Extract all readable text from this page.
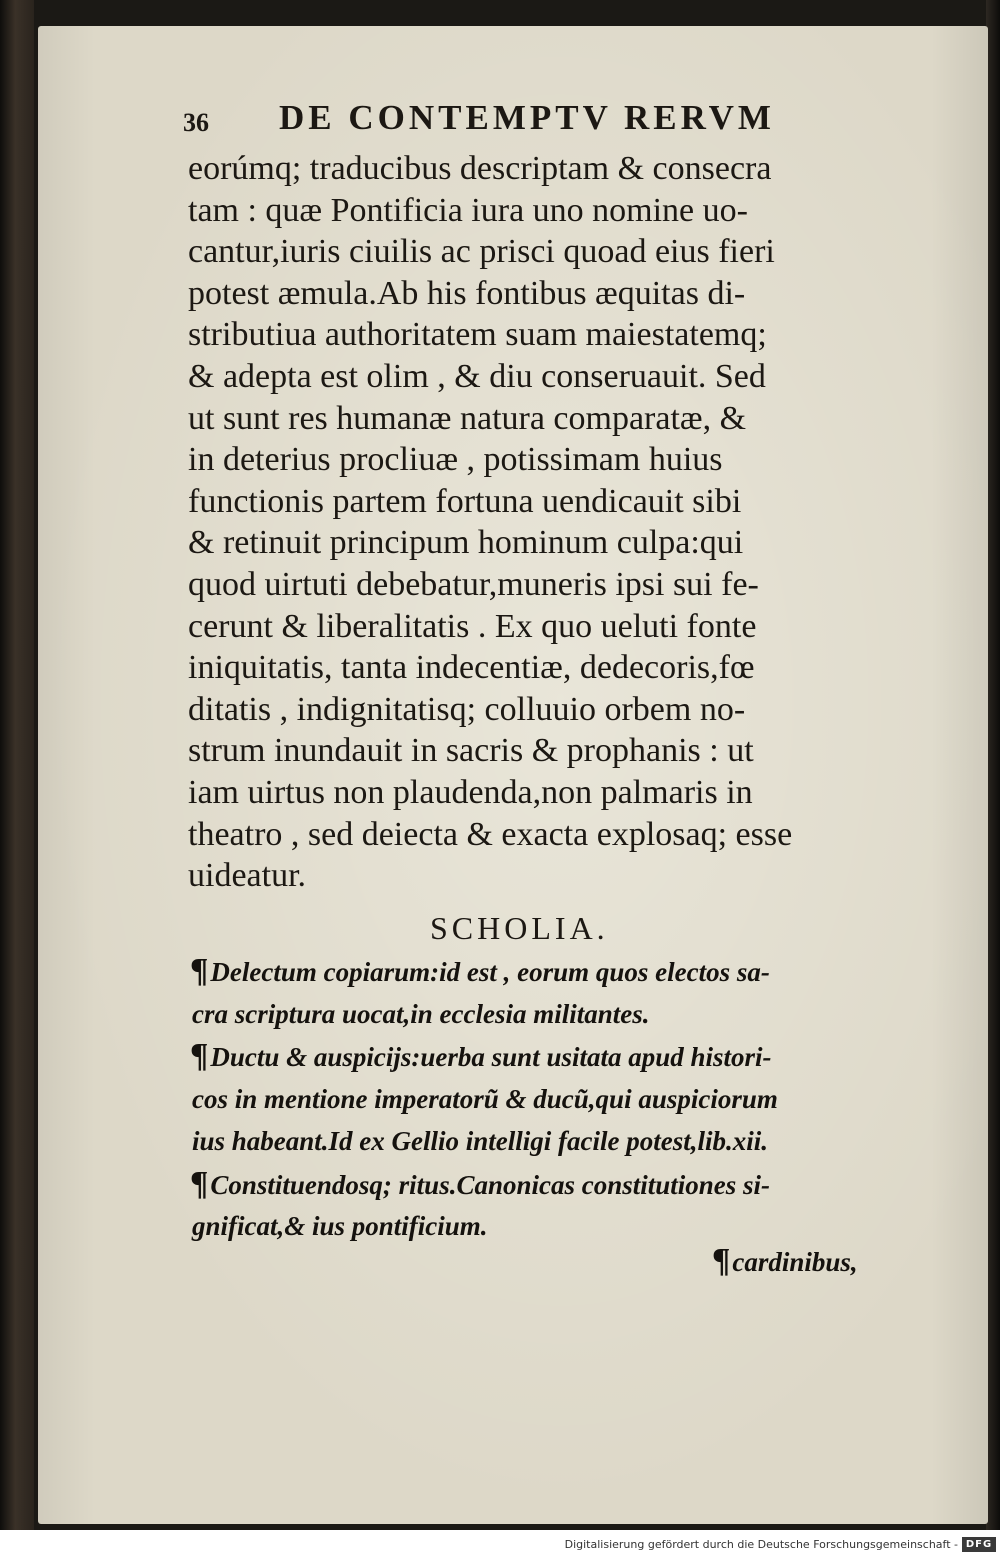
36 DE CONTEMPTV RERVM
eorúmq; traducibus descriptam & consecra
tam : quæ Pontificia iura uno nomine uo-
cantur,iuris ciuilis ac prisci quoad eius fieri
potest æmula.Ab his fontibus æquitas di-
stributiua authoritatem suam maiestatemq;
& adepta est olim , & diu conseruauit. Sed
ut sunt res humanæ natura comparatæ, &
in deterius procliuæ , potissimam huius
functionis partem fortuna uendicauit sibi
& retinuit principum hominum culpa:qui
quod uirtuti debebatur,muneris ipsi sui fe-
cerunt & liberalitatis . Ex quo ueluti fonte
iniquitatis, tanta indecentiæ, dedecoris,fœ
ditatis , indignitatisq; colluuio orbem no-
strum inundauit in sacris & prophanis : ut
iam uirtus non plaudenda,non palmaris in
theatro , sed deiecta & exacta explosaq; esse
uideatur.
SCHOLIA.
¶Delectum copiarum:id est , eorum quos electos sa-
cra scriptura uocat,in ecclesia militantes.
¶Ductu & auspicijs:uerba sunt usitata apud histori-
cos in mentione imperatorũ & ducũ,qui auspiciorum
ius habeant.Id ex Gellio intelligi facile potest,lib.xii.
¶Constituendosq; ritus.Canonicas constitutiones si-
gnificat,& ius pontificium.
¶cardinibus,
Digitalisierung gefördert durch die Deutsche Forschungsgemeinschaft - DFG
